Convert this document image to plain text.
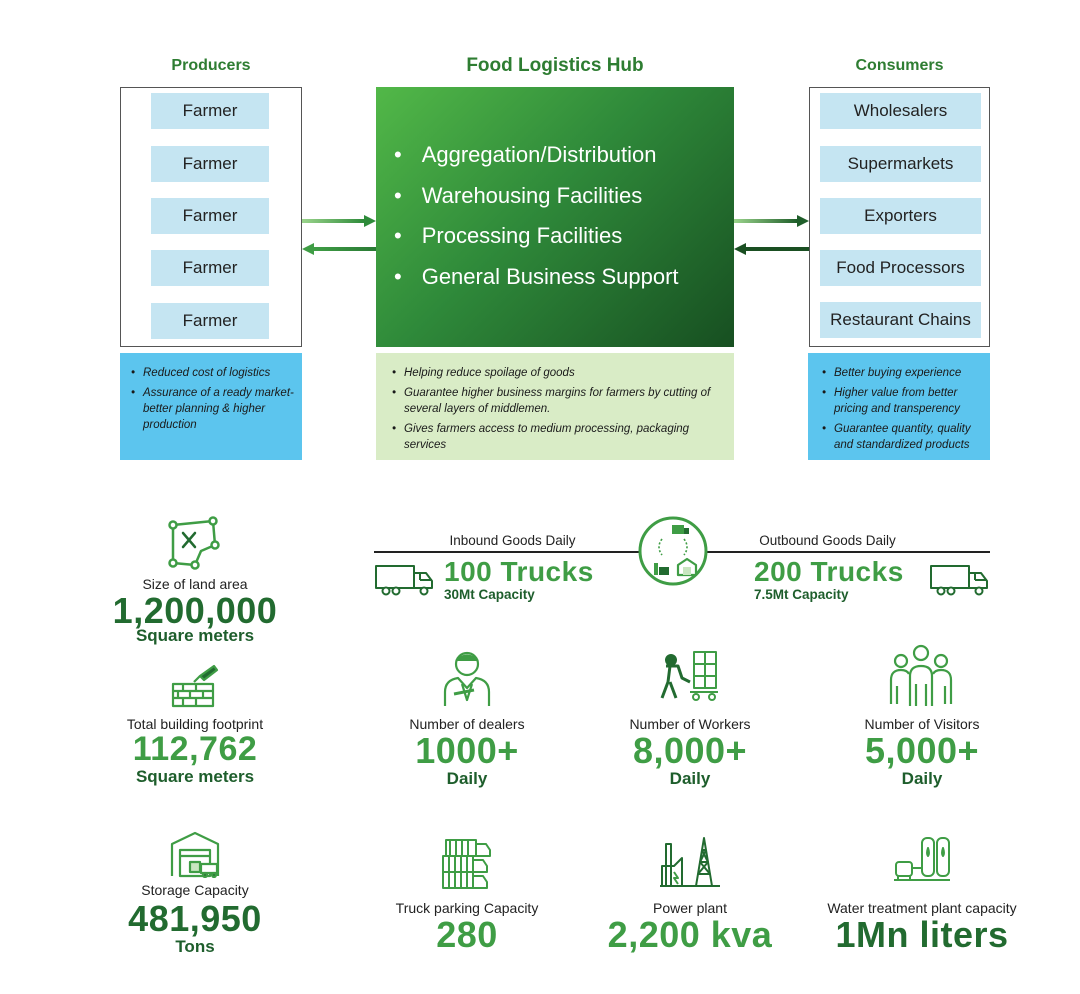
Producers	Food Logistics Hub	Consumers
Farmer
Farmer
Farmer
Farmer
Farmer
• Aggregation/Distribution
• Warehousing Facilities
• Processing Facilities
• General Business Support
Wholesalers
Supermarkets
Exporters
Food Processors
Restaurant Chains
• Reduced cost of logistics
• Assurance of a ready market-better planning & higher production
• Helping reduce spoilage of goods
• Guarantee higher business margins for farmers by cutting of several layers of middlemen.
• Gives farmers access to medium processing, packaging services
• Better buying experience
• Higher value from better pricing and transperency
• Guarantee quantity, quality and standardized products
Size of land area
1,200,000
Square meters
Total building footprint
112,762
Square meters
Storage Capacity
481,950
Tons
Inbound Goods Daily
100 Trucks
30Mt Capacity
Outbound Goods Daily
200 Trucks
7.5Mt Capacity
Number of dealers
1000+
Daily
Number of Workers
8,000+
Daily
Number of Visitors
5,000+
Daily
Truck parking Capacity
280
Power plant
2,200 kva
Water treatment plant capacity
1Mn liters
